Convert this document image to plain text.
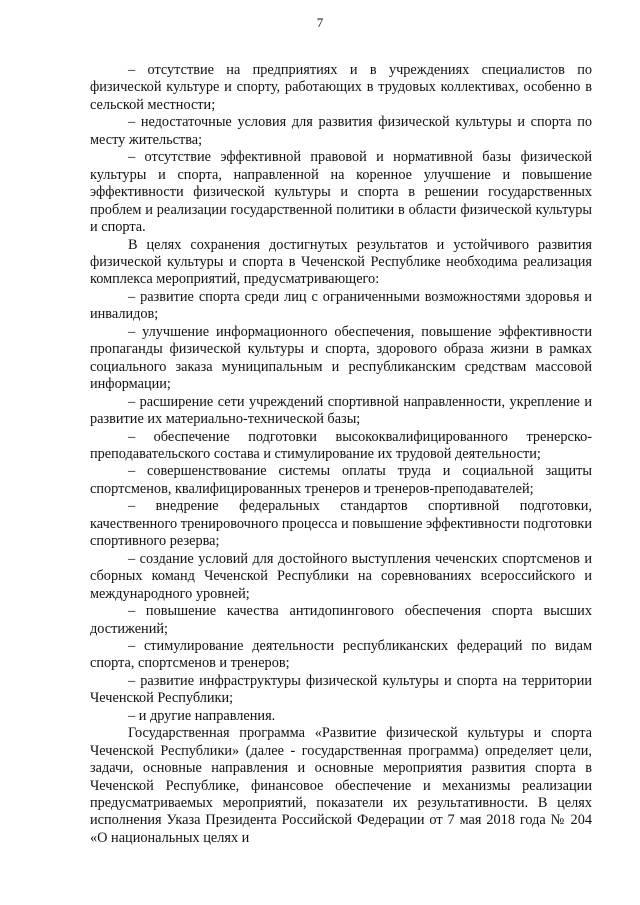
7

– отсутствие на предприятиях и в учреждениях специалистов по физической культуре и спорту, работающих в трудовых коллективах, особенно в сельской местности;

– недостаточные условия для развития физической культуры и спорта по месту жительства;

– отсутствие эффективной правовой и нормативной базы физической культуры и спорта, направленной на коренное улучшение и повышение эффективности физической культуры и спорта в решении государственных проблем и реализации государственной политики в области физической культуры и спорта.

В целях сохранения достигнутых результатов и устойчивого развития физической культуры и спорта в Чеченской Республике необходима реализация комплекса мероприятий, предусматривающего:

– развитие спорта среди лиц с ограниченными возможностями здоровья и инвалидов;

– улучшение информационного обеспечения, повышение эффективности пропаганды физической культуры и спорта, здорового образа жизни в рамках социального заказа муниципальным и республиканским средствам массовой информации;

– расширение сети учреждений спортивной направленности, укрепление и развитие их материально-технической базы;

– обеспечение подготовки высококвалифицированного тренерско-преподавательского состава и стимулирование их трудовой деятельности;

– совершенствование системы оплаты труда и социальной защиты спортсменов, квалифицированных тренеров и тренеров-преподавателей;

– внедрение федеральных стандартов спортивной подготовки, качественного тренировочного процесса и повышение эффективности подготовки спортивного резерва;

– создание условий для достойного выступления чеченских спортсменов и сборных команд Чеченской Республики на соревнованиях всероссийского и международного уровней;

– повышение качества антидопингового обеспечения спорта высших достижений;

– стимулирование деятельности республиканских федераций по видам спорта, спортсменов и тренеров;

– развитие инфраструктуры физической культуры и спорта на территории Чеченской Республики;

– и другие направления.

Государственная программа «Развитие физической культуры и спорта Чеченской Республики» (далее - государственная программа) определяет цели, задачи, основные направления и основные мероприятия развития спорта в Чеченской Республике, финансовое обеспечение и механизмы реализации предусматриваемых мероприятий, показатели их результативности. В целях исполнения Указа Президента Российской Федерации от 7 мая 2018 года № 204 «О национальных целях и
